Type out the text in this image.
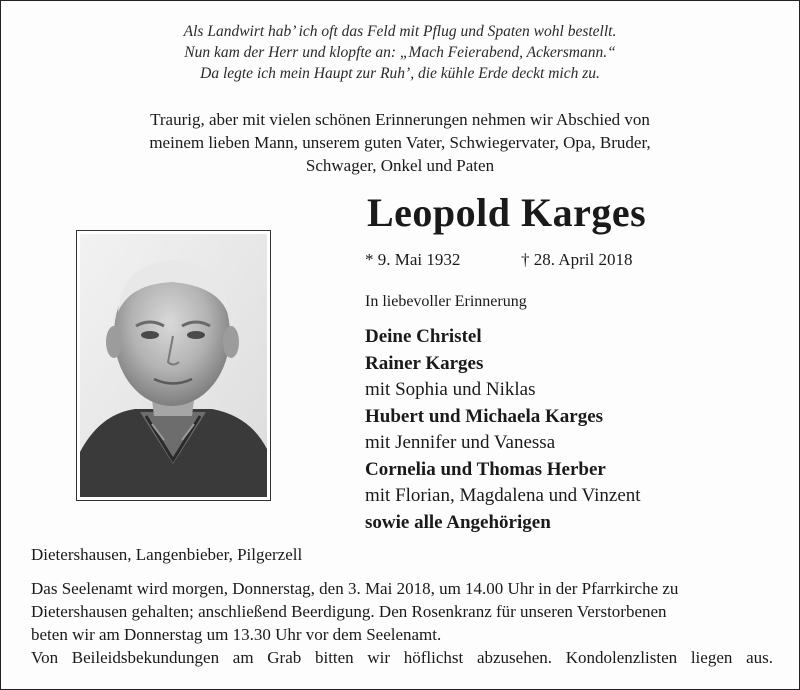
Als Landwirt hab’ ich oft das Feld mit Pflug und Spaten wohl bestellt.
Nun kam der Herr und klopfte an: „Mach Feierabend, Ackersmann.“
Da legte ich mein Haupt zur Ruh’, die kühle Erde deckt mich zu.
Traurig, aber mit vielen schönen Erinnerungen nehmen wir Abschied von
meinem lieben Mann, unserem guten Vater, Schwiegervater, Opa, Bruder,
Schwager, Onkel und Paten
Leopold Karges
* 9. Mai 1932	† 28. April 2018
In liebevoller Erinnerung
Deine Christel
Rainer Karges
mit Sophia und Niklas
Hubert und Michaela Karges
mit Jennifer und Vanessa
Cornelia und Thomas Herber
mit Florian, Magdalena und Vinzent
sowie alle Angehörigen
Dietershausen, Langenbieber, Pilgerzell

Das Seelenamt wird morgen, Donnerstag, den 3. Mai 2018, um 14.00 Uhr in der Pfarrkirche zu

Dietershausen gehalten; anschließend Beerdigung. Den Rosenkranz für unseren Verstorbenen

beten wir am Donnerstag um 13.30 Uhr vor dem Seelenamt.

Von Beileidsbekundungen am Grab bitten wir höflichst abzusehen. Kondolenzlisten liegen aus.
